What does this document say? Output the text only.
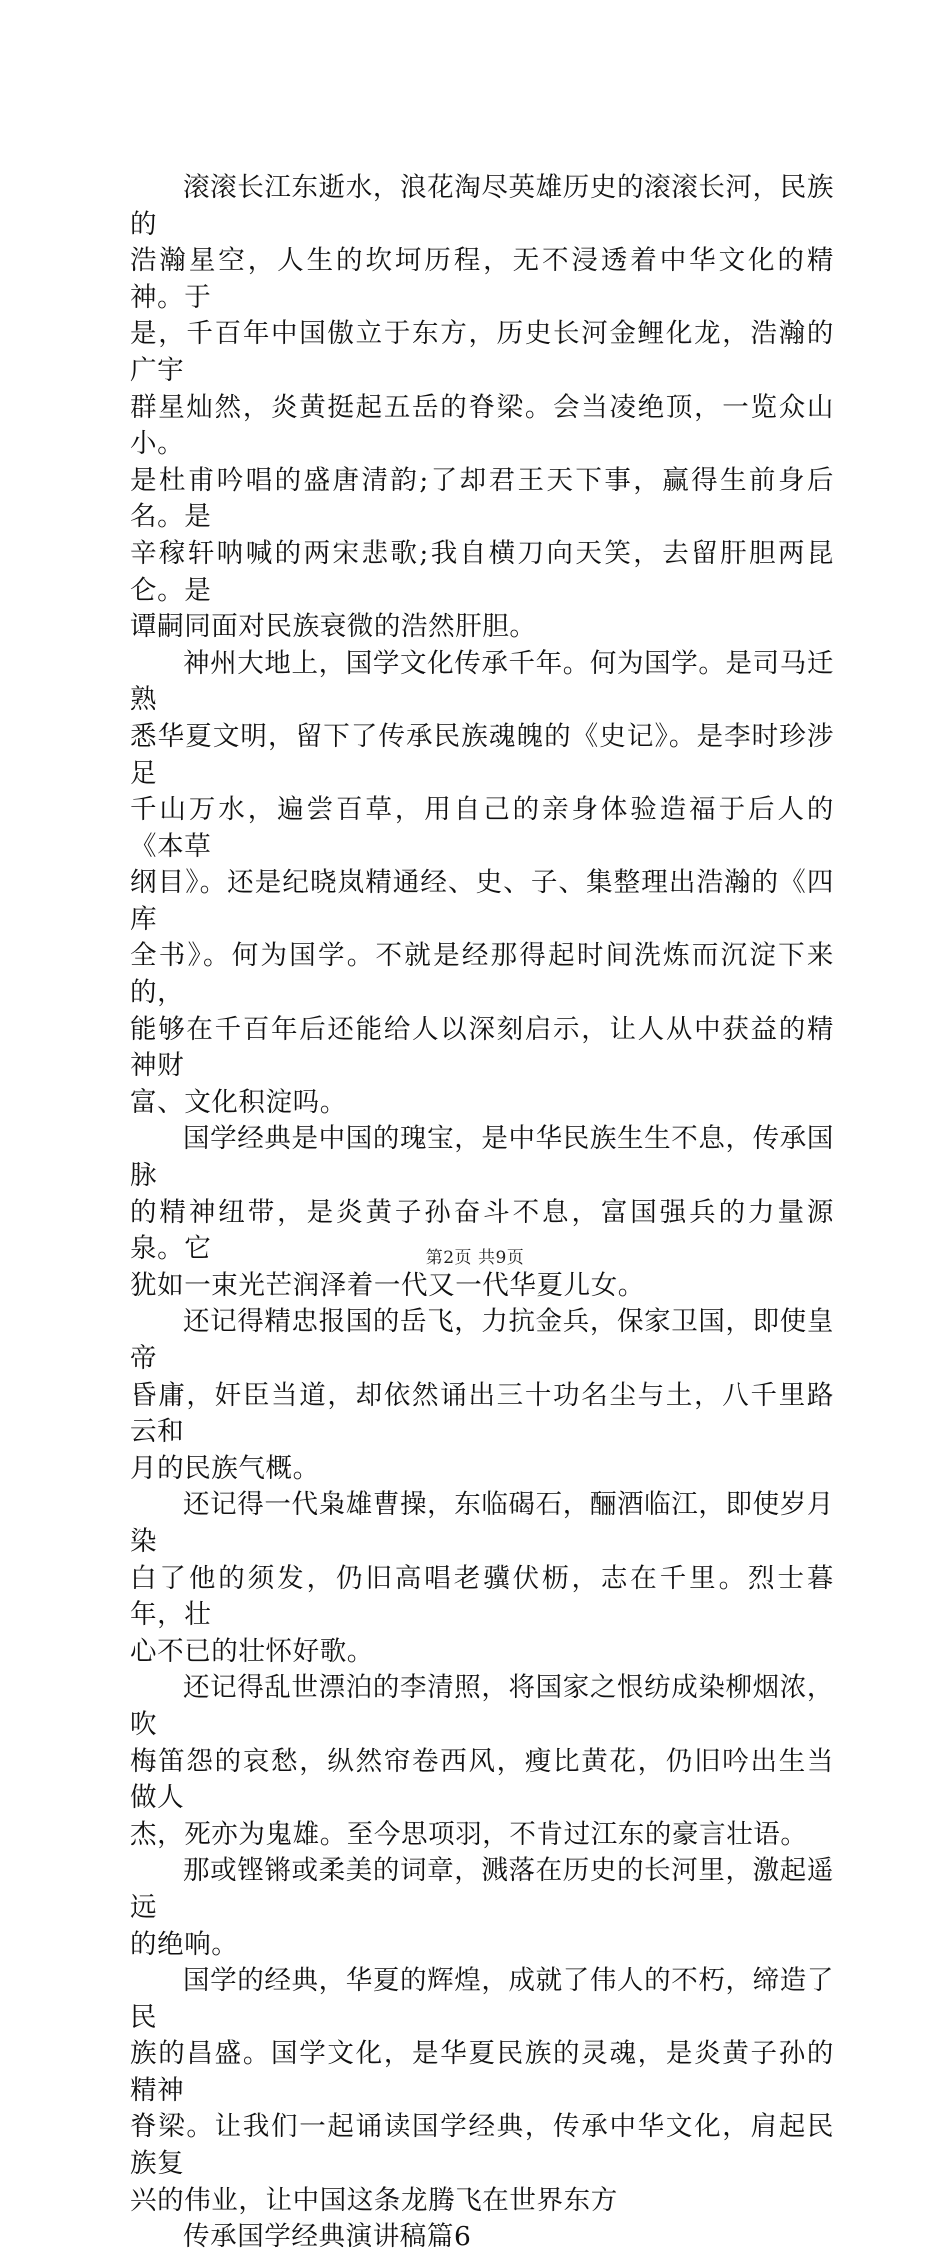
滚滚长江东逝水，浪花淘尽英雄历史的滚滚长河，民族的
浩瀚星空，人生的坎坷历程，无不浸透着中华文化的精神。于
是，千百年中国傲立于东方，历史长河金鲤化龙，浩瀚的广宇
群星灿然，炎黄挺起五岳的脊梁。会当凌绝顶，一览众山小。
是杜甫吟唱的盛唐清韵;了却君王天下事，赢得生前身后名。是
辛稼轩呐喊的两宋悲歌;我自横刀向天笑，去留肝胆两昆仑。是
谭嗣同面对民族衰微的浩然肝胆。

神州大地上，国学文化传承千年。何为国学。是司马迁熟
悉华夏文明，留下了传承民族魂魄的《史记》。是李时珍涉足
千山万水，遍尝百草，用自己的亲身体验造福于后人的《本草
纲目》。还是纪晓岚精通经、史、子、集整理出浩瀚的《四库
全书》。何为国学。不就是经那得起时间洗炼而沉淀下来的，
能够在千百年后还能给人以深刻启示，让人从中获益的精神财
富、文化积淀吗。

国学经典是中国的瑰宝，是中华民族生生不息，传承国脉
的精神纽带，是炎黄子孙奋斗不息，富国强兵的力量源泉。它
犹如一束光芒润泽着一代又一代华夏儿女。

还记得精忠报国的岳飞，力抗金兵，保家卫国，即使皇帝
昏庸，奸臣当道，却依然诵出三十功名尘与土，八千里路云和
月的民族气概。

还记得一代枭雄曹操，东临碣石，酾酒临江，即使岁月染
白了他的须发，仍旧高唱老骥伏枥，志在千里。烈士暮年，壮
心不已的壮怀好歌。

还记得乱世漂泊的李清照，将国家之恨纺成染柳烟浓，吹
梅笛怨的哀愁，纵然帘卷西风，瘦比黄花，仍旧吟出生当做人
杰，死亦为鬼雄。至今思项羽，不肯过江东的豪言壮语。

那或铿锵或柔美的词章，溅落在历史的长河里，激起遥远
的绝响。

国学的经典，华夏的辉煌，成就了伟人的不朽，缔造了民
族的昌盛。国学文化，是华夏民族的灵魂，是炎黄子孙的精神
脊梁。让我们一起诵读国学经典，传承中华文化，肩起民族复
兴的伟业，让中国这条龙腾飞在世界东方

传承国学经典演讲稿篇6

第2页 共9页
